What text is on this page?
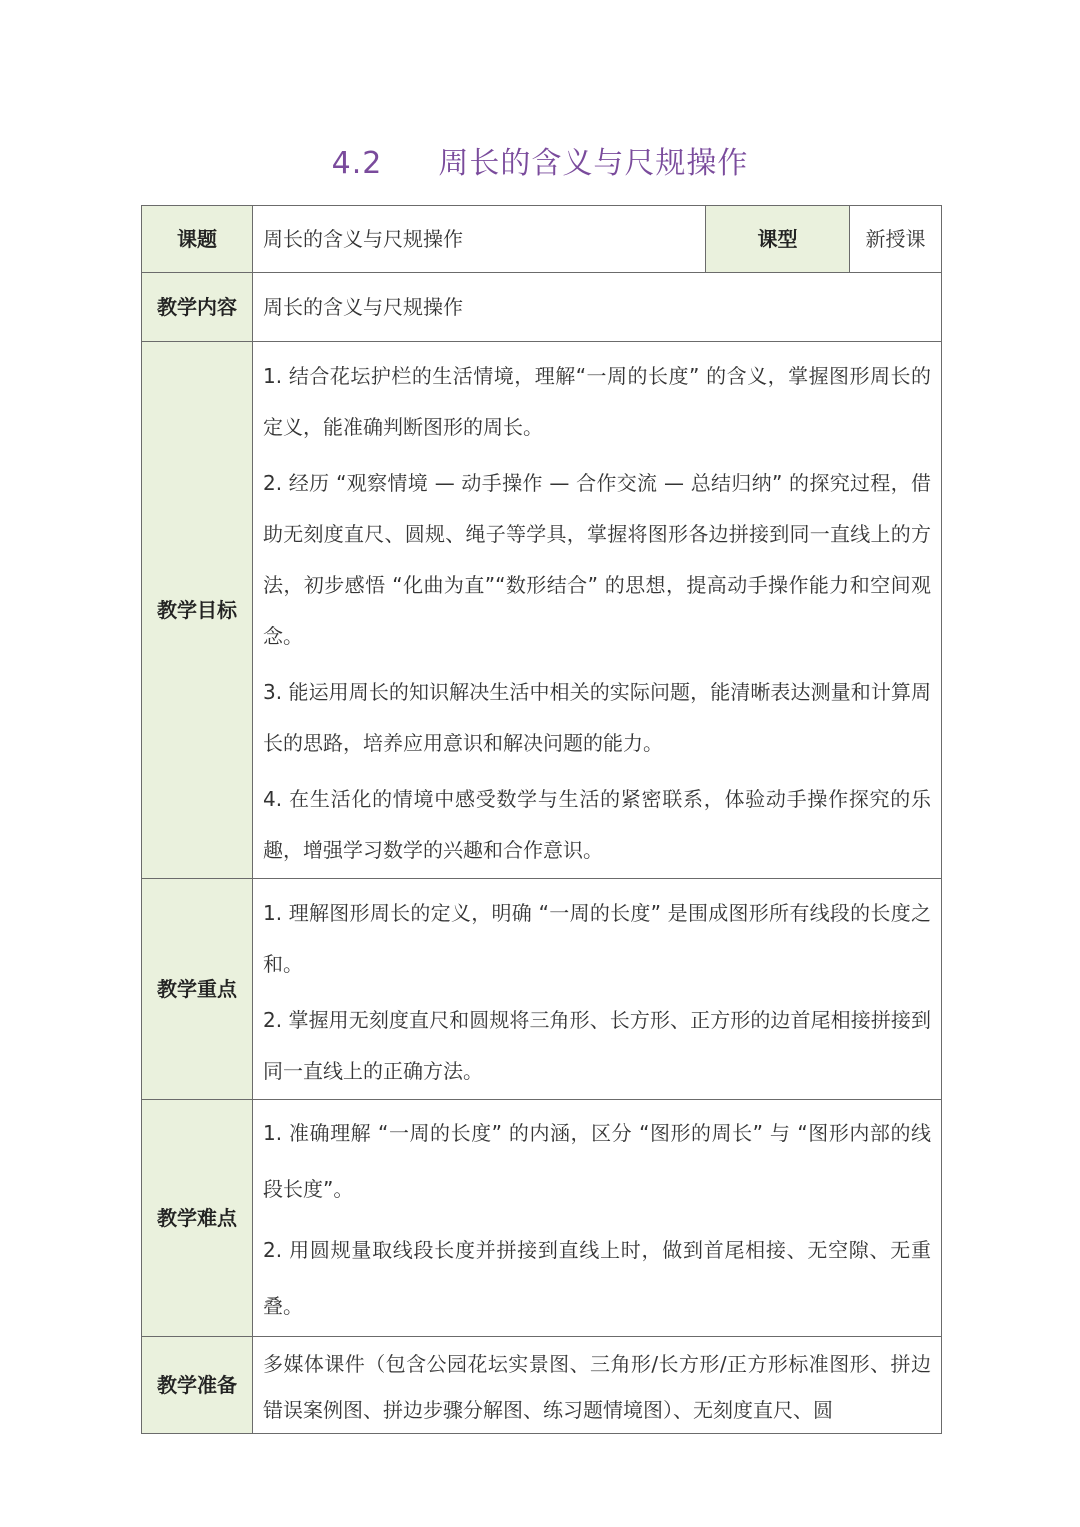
4.2 周长的含义与尺规操作
课题	周长的含义与尺规操作	课型	新授课
教学内容	周长的含义与尺规操作		
教学目标	1. 结合花坛护栏的生活情境，理解“一周的长度” 的含义，掌握图形周长的定义，能准确判断图形的周长。

2. 经历 “观察情境 — 动手操作 — 合作交流 — 总结归纳” 的探究过程，借助无刻度直尺、圆规、绳子等学具，掌握将图形各边拼接到同一直线上的方法，初步感悟 “化曲为直”“数形结合” 的思想，提高动手操作能力和空间观念。

3. 能运用周长的知识解决生活中相关的实际问题，能清晰表达测量和计算周长的思路，培养应用意识和解决问题的能力。

4. 在生活化的情境中感受数学与生活的紧密联系，体验动手操作探究的乐趣，增强学习数学的兴趣和合作意识。		

教学重点	1. 理解图形周长的定义，明确 “一周的长度” 是围成图形所有线段的长度之和。

2. 掌握用无刻度直尺和圆规将三角形、长方形、正方形的边首尾相接拼接到同一直线上的正确方法。		

教学难点	1. 准确理解 “一周的长度” 的内涵，区分 “图形的周长” 与 “图形内部的线段长度”。

2. 用圆规量取线段长度并拼接到直线上时，做到首尾相接、无空隙、无重叠。		

教学准备	多媒体课件（包含公园花坛实景图、三角形/长方形/正方形标准图形、拼边错误案例图、拼边步骤分解图、练习题情境图）、无刻度直尺、圆		
